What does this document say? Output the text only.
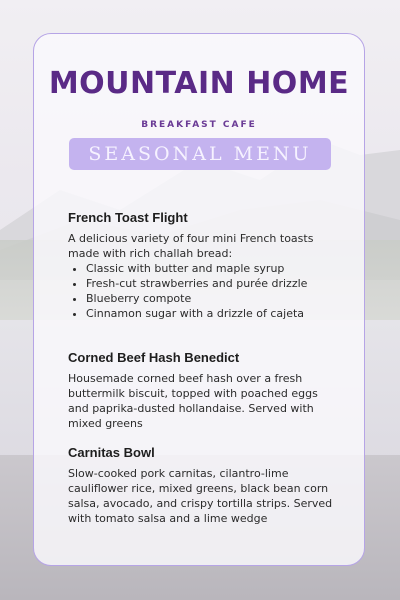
MOUNTAIN HOME
BREAKFAST CAFE
SEASONAL MENU
French Toast Flight

A delicious variety of four mini French toasts made with rich challah bread:

• Classic with butter and maple syrup
• Fresh-cut strawberries and purée drizzle
• Blueberry compote
• Cinnamon sugar with a drizzle of cajeta
Corned Beef Hash Benedict

Housemade corned beef hash over a fresh buttermilk biscuit, topped with poached eggs and paprika-dusted hollandaise. Served with mixed greens

Carnitas Bowl

Slow-cooked pork carnitas, cilantro-lime cauliflower rice, mixed greens, black bean corn salsa, avocado, and crispy tortilla strips. Served with tomato salsa and a lime wedge
